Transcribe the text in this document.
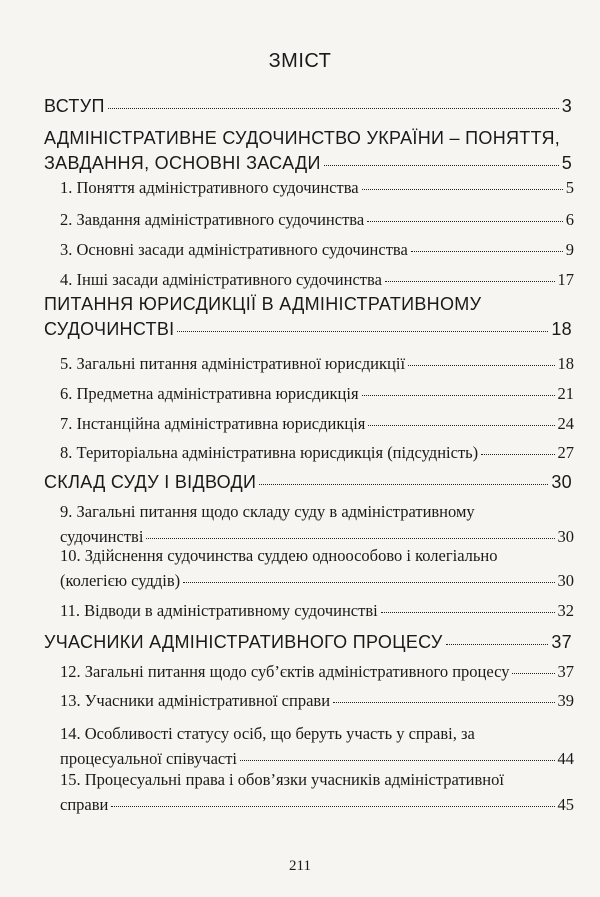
ЗМІСТ
ВСТУП	3
АДМІНІСТРАТИВНЕ СУДОЧИНСТВО УКРАЇНИ – ПОНЯТТЯ,
ЗАВДАННЯ, ОСНОВНІ ЗАСАДИ	5
1. Поняття адміністративного судочинства	5
2. Завдання адміністративного судочинства	6
3. Основні засади адміністративного судочинства	9
4. Інші засади адміністративного судочинства	17
ПИТАННЯ ЮРИСДИКЦІЇ В АДМІНІСТРАТИВНОМУ
СУДОЧИНСТВІ	18
5. Загальні питання адміністративної юрисдикції	18
6. Предметна адміністративна юрисдикція	21
7. Інстанційна адміністративна юрисдикція	24
8. Територіальна адміністративна юрисдикція (підсудність)	27
СКЛАД СУДУ І ВІДВОДИ	30
9. Загальні питання щодо складу суду в адміністративному
судочинстві	30
10. Здійснення судочинства суддею одноособово і колегіально
(колегією суддів)	30
11. Відводи в адміністративному судочинстві	32
УЧАСНИКИ АДМІНІСТРАТИВНОГО ПРОЦЕСУ	37
12. Загальні питання щодо суб’єктів адміністративного процесу	37
13. Учасники адміністративної справи	39
14. Особливості статусу осіб, що беруть участь у справі, за
процесуальної співучасті	44
15. Процесуальні права і обов’язки учасників адміністративної
справи	45
211
